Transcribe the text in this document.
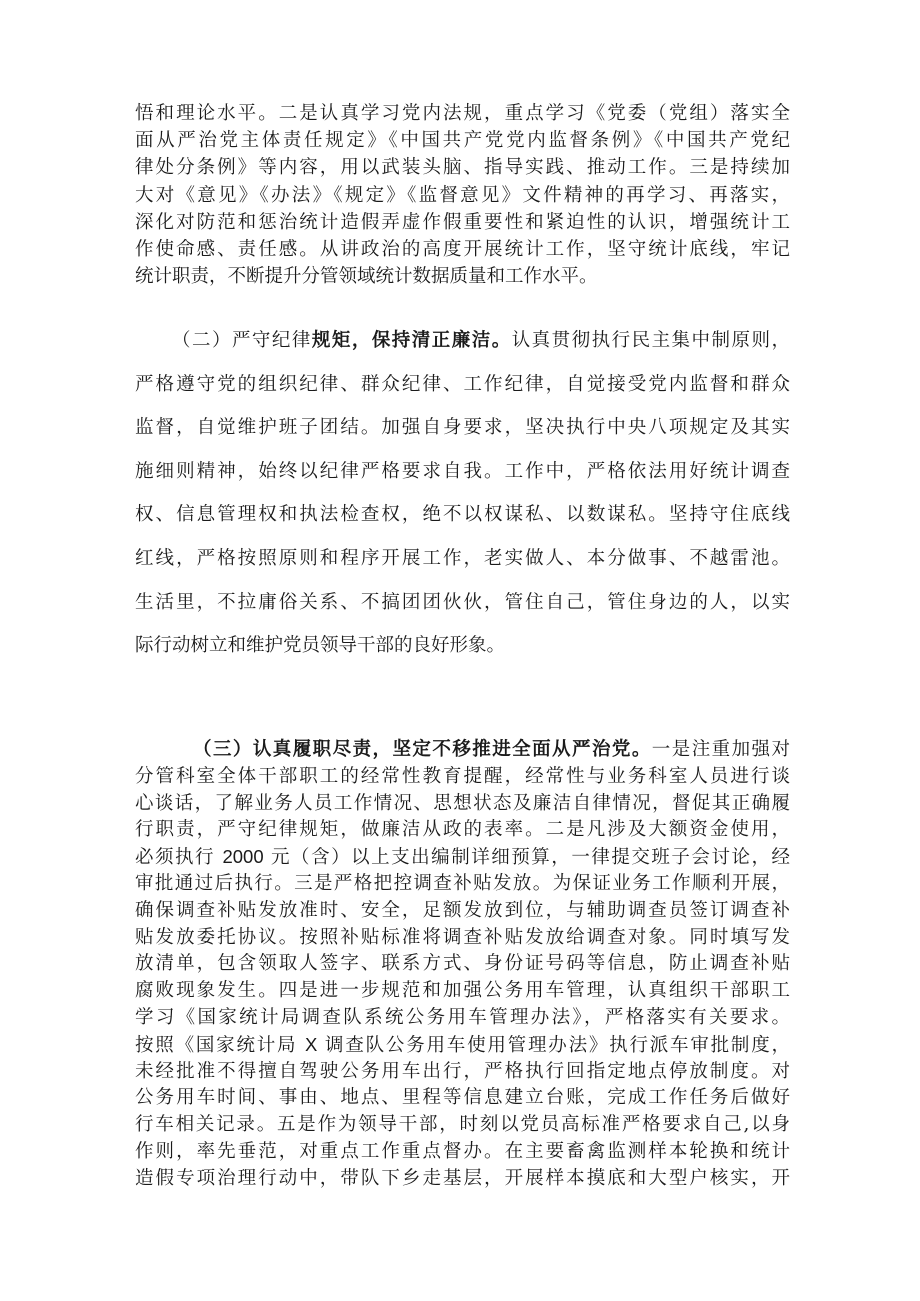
悟和理论水平。二是认真学习党内法规，重点学习《党委（党组）落实全
面从严治党主体责任规定》《中国共产党党内监督条例》《中国共产党纪
律处分条例》等内容，用以武装头脑、指导实践、推动工作。三是持续加
大对《意见》《办法》《规定》《监督意见》文件精神的再学习、再落实，
深化对防范和惩治统计造假弄虚作假重要性和紧迫性的认识，增强统计工
作使命感、责任感。从讲政治的高度开展统计工作，坚守统计底线，牢记
统计职责，不断提升分管领域统计数据质量和工作水平。
（二）严守纪律规矩，保持清正廉洁。认真贯彻执行民主集中制原则，
严格遵守党的组织纪律、群众纪律、工作纪律，自觉接受党内监督和群众
监督，自觉维护班子团结。加强自身要求，坚决执行中央八项规定及其实
施细则精神，始终以纪律严格要求自我。工作中，严格依法用好统计调查
权、信息管理权和执法检查权，绝不以权谋私、以数谋私。坚持守住底线
红线，严格按照原则和程序开展工作，老实做人、本分做事、不越雷池。
生活里，不拉庸俗关系、不搞团团伙伙，管住自己，管住身边的人，以实
际行动树立和维护党员领导干部的良好形象。
（三）认真履职尽责，坚定不移推进全面从严治党。一是注重加强对
分管科室全体干部职工的经常性教育提醒，经常性与业务科室人员进行谈
心谈话，了解业务人员工作情况、思想状态及廉洁自律情况，督促其正确履
行职责，严守纪律规矩，做廉洁从政的表率。二是凡涉及大额资金使用，
必须执行 2000 元（含）以上支出编制详细预算，一律提交班子会讨论，经
审批通过后执行。三是严格把控调查补贴发放。为保证业务工作顺利开展，
确保调查补贴发放准时、安全，足额发放到位，与辅助调查员签订调查补
贴发放委托协议。按照补贴标准将调查补贴发放给调查对象。同时填写发
放清单，包含领取人签字、联系方式、身份证号码等信息，防止调查补贴
腐败现象发生。四是进一步规范和加强公务用车管理，认真组织干部职工
学习《国家统计局调查队系统公务用车管理办法》，严格落实有关要求。
按照《国家统计局 X 调查队公务用车使用管理办法》执行派车审批制度，
未经批准不得擅自驾驶公务用车出行，严格执行回指定地点停放制度。对
公务用车时间、事由、地点、里程等信息建立台账，完成工作任务后做好
行车相关记录。五是作为领导干部，时刻以党员高标准严格要求自己,以身
作则，率先垂范，对重点工作重点督办。在主要畜禽监测样本轮换和统计
造假专项治理行动中，带队下乡走基层，开展样本摸底和大型户核实，开
